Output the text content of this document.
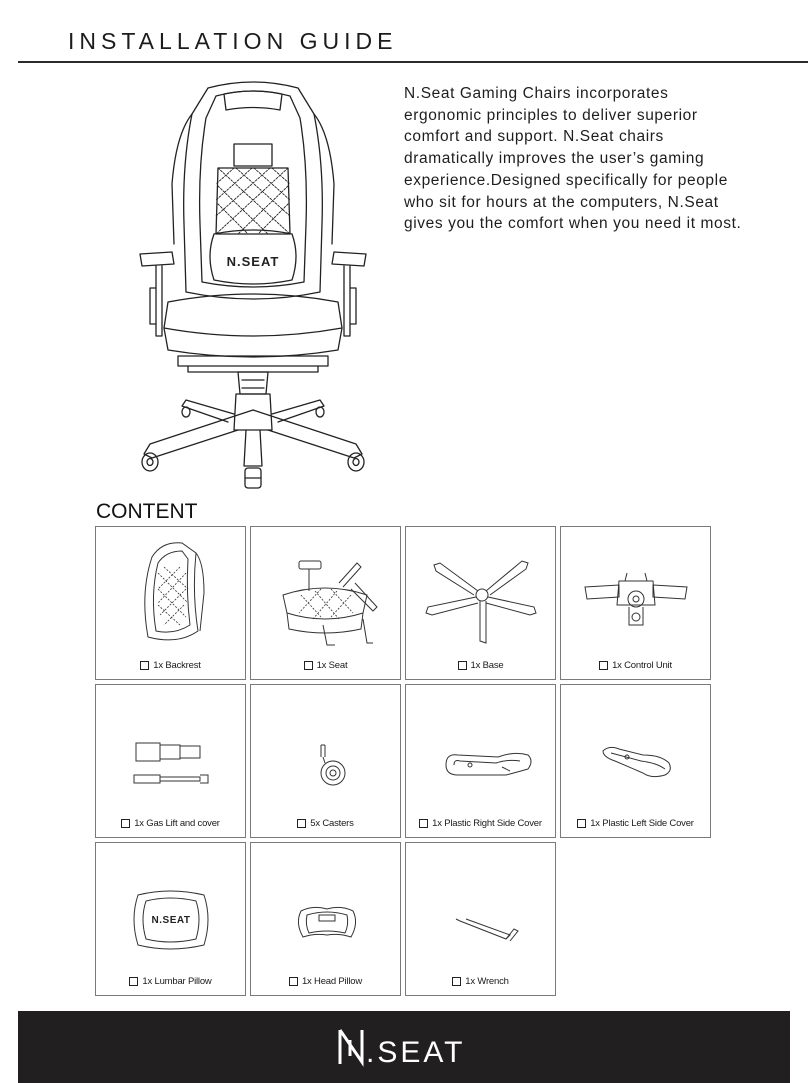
INSTALLATION GUIDE
N.SEAT

N.Seat Gaming Chairs incorporates ergonomic principles to deliver superior comfort and support. N.Seat chairs dramatically improves the user’s gaming experience.Designed specifically for people who sit for hours at the computers, N.Seat gives you the comfort when you need it most.

CONTENT
1x Backrest	1x Seat	1x Base	1x Control Unit
1x Gas Lift and cover	5x Casters	1x Plastic Right Side Cover	1x Plastic Left Side Cover
N.SEAT
1x Lumbar Pillow	1x Head Pillow	1x Wrench
.SEAT
